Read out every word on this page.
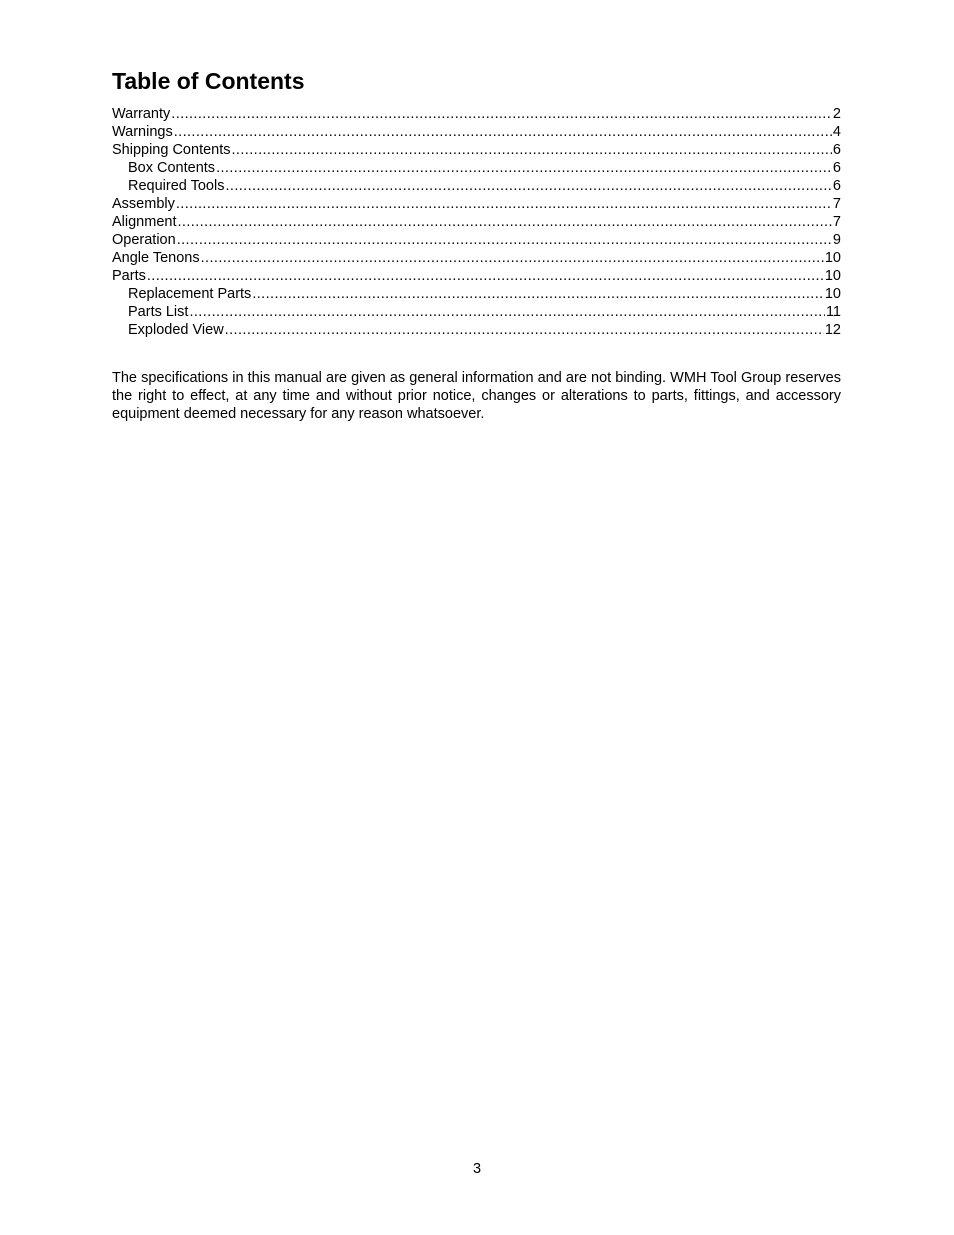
Table of Contents
Warranty .....	2
Warnings .....	4
Shipping Contents .....	6
Box Contents .....	6
Required Tools .....	6
Assembly .....	7
Alignment .....	7
Operation .....	9
Angle Tenons .....	10
Parts .....	10
Replacement Parts .....	10
Parts List .....	11
Exploded View .....	12

The specifications in this manual are given as general information and are not binding. WMH Tool Group reserves the right to effect, at any time and without prior notice, changes or alterations to parts, fittings, and accessory equipment deemed necessary for any reason whatsoever.

3
